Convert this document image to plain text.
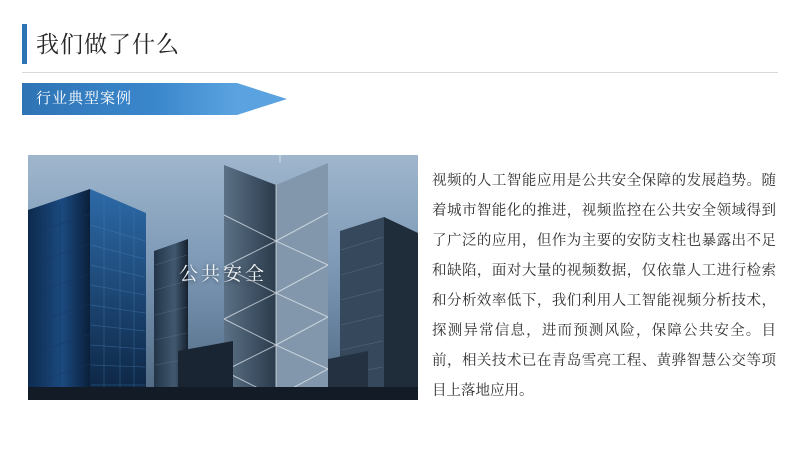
我们做了什么
行业典型案例
公共安全
视频的人工智能应用是公共安全保障的发展趋势。随着城市智能化的推进，视频监控在公共安全领域得到了广泛的应用，但作为主要的安防支柱也暴露出不足和缺陷，面对大量的视频数据，仅依靠人工进行检索和分析效率低下，我们利用人工智能视频分析技术，探测异常信息，进而预测风险，保障公共安全。目前，相关技术已在青岛雪亮工程、黄骅智慧公交等项目上落地应用。
